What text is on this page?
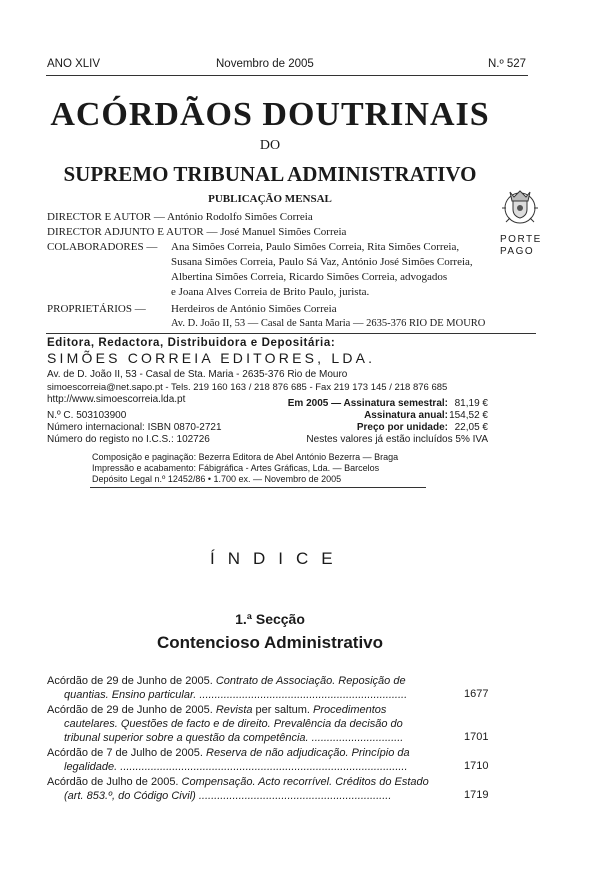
ANO XLIV	Novembro de 2005	N.º 527
ACÓRDÃOS DOUTRINAIS
DO
SUPREMO TRIBUNAL ADMINISTRATIVO
PUBLICAÇÃO MENSAL
DIRECTOR E AUTOR — António Rodolfo Simões Correia
DIRECTOR ADJUNTO E AUTOR — José Manuel Simões Correia
COLABORADORES — Ana Simões Correia, Paulo Simões Correia, Rita Simões Correia,
Susana Simões Correia, Paulo Sá Vaz, António José Simões Correia,
Albertina Simões Correia, Ricardo Simões Correia, advogados
e Joana Alves Correia de Brito Paulo, jurista.
PROPRIETÁRIOS — Herdeiros de António Simões Correia
Av. D. João II, 53 — Casal de Santa Maria — 2635-376 RIO DE MOURO
PORTE
PAGO
Editora, Redactora, Distribuidora e Depositária:
SIMÕES CORREIA EDITORES, LDA.
Av. de D. João II, 53 - Casal de Sta. Maria - 2635-376 Rio de Mouro
simoescorreia@net.sapo.pt - Tels. 219 160 163 / 218 876 685 - Fax 219 173 145 / 218 876 685
http://www.simoescorreia.lda.pt
N.º C. 503103900
Número internacional: ISBN 0870-2721
Número do registo no I.C.S.: 102726
Em 2005 — Assinatura semestral: 81,19 €
Assinatura anual: 154,52 €
Preço por unidade: 22,05 €
Nestes valores já estão incluídos 5% IVA
Composição e paginação: Bezerra Editora de Abel António Bezerra — Braga
Impressão e acabamento: Fábigráfica - Artes Gráficas, Lda. — Barcelos
Depósito Legal n.º 12452/86 • 1.700 ex. — Novembro de 2005
ÍNDICE
1.ª Secção
Contencioso Administrativo
Acórdão de 29 de Junho de 2005. Contrato de Associação. Reposição de
quantias. Ensino particular. ....................................................................	1677
Acórdão de 29 de Junho de 2005. Revista per saltum. Procedimentos
cautelares. Questões de facto e de direito. Prevalência da decisão do
tribunal superior sobre a questão da competência. ..............................	1701
Acórdão de 7 de Julho de 2005. Reserva de não adjudicação. Princípio da
legalidade. ..............................................................................................	1710
Acórdão de Julho de 2005. Compensação. Acto recorrível. Créditos do Estado
(art. 853.º, do Código Civil) ...............................................................	1719
